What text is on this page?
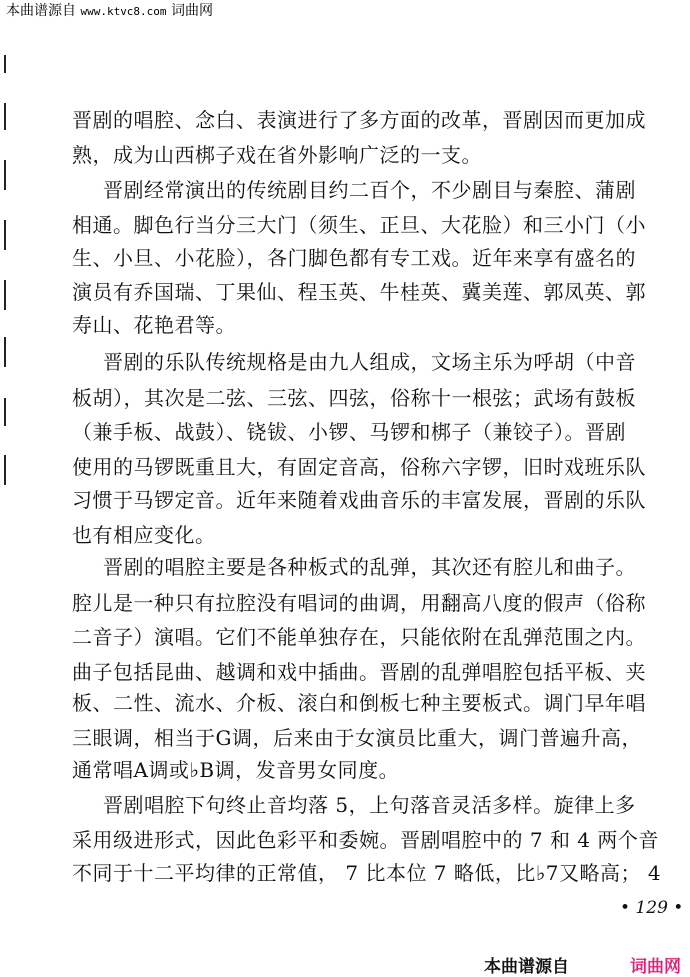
本曲谱源自 www.ktvc8.com 词曲网
晋剧的唱腔、念白、表演进行了多方面的改革，晋剧因而更加成
熟，成为山西梆子戏在省外影响广泛的一支。
晋剧经常演出的传统剧目约二百个，不少剧目与秦腔、蒲剧
相通。脚色行当分三大门（须生、正旦、大花脸）和三小门（小
生、小旦、小花脸），各门脚色都有专工戏。近年来享有盛名的
演员有乔国瑞、丁果仙、程玉英、牛桂英、冀美莲、郭凤英、郭
寿山、花艳君等。
晋剧的乐队传统规格是由九人组成，文场主乐为呼胡（中音
板胡），其次是二弦、三弦、四弦，俗称十一根弦；武场有鼓板
（兼手板、战鼓）、铙钹、小锣、马锣和梆子（兼铰子）。晋剧
使用的马锣既重且大，有固定音高，俗称六字锣，旧时戏班乐队
习惯于马锣定音。近年来随着戏曲音乐的丰富发展，晋剧的乐队
也有相应变化。
晋剧的唱腔主要是各种板式的乱弹，其次还有腔儿和曲子。
腔儿是一种只有拉腔没有唱词的曲调，用翻高八度的假声（俗称
二音子）演唱。它们不能单独存在，只能依附在乱弹范围之内。
曲子包括昆曲、越调和戏中插曲。晋剧的乱弹唱腔包括平板、夹
板、二性、流水、介板、滚白和倒板七种主要板式。调门早年唱
三眼调，相当于G调，后来由于女演员比重大，调门普遍升高，
通常唱A调或♭B调，发音男女同度。
晋剧唱腔下句终止音均落 5，上句落音灵活多样。旋律上多
采用级进形式，因此色彩平和委婉。晋剧唱腔中的 7 和 4 两个音
不同于十二平均律的正常值， 7 比本位 7 略低，比♭7又略高； 4
• 129 •
本曲谱源自	词曲网
